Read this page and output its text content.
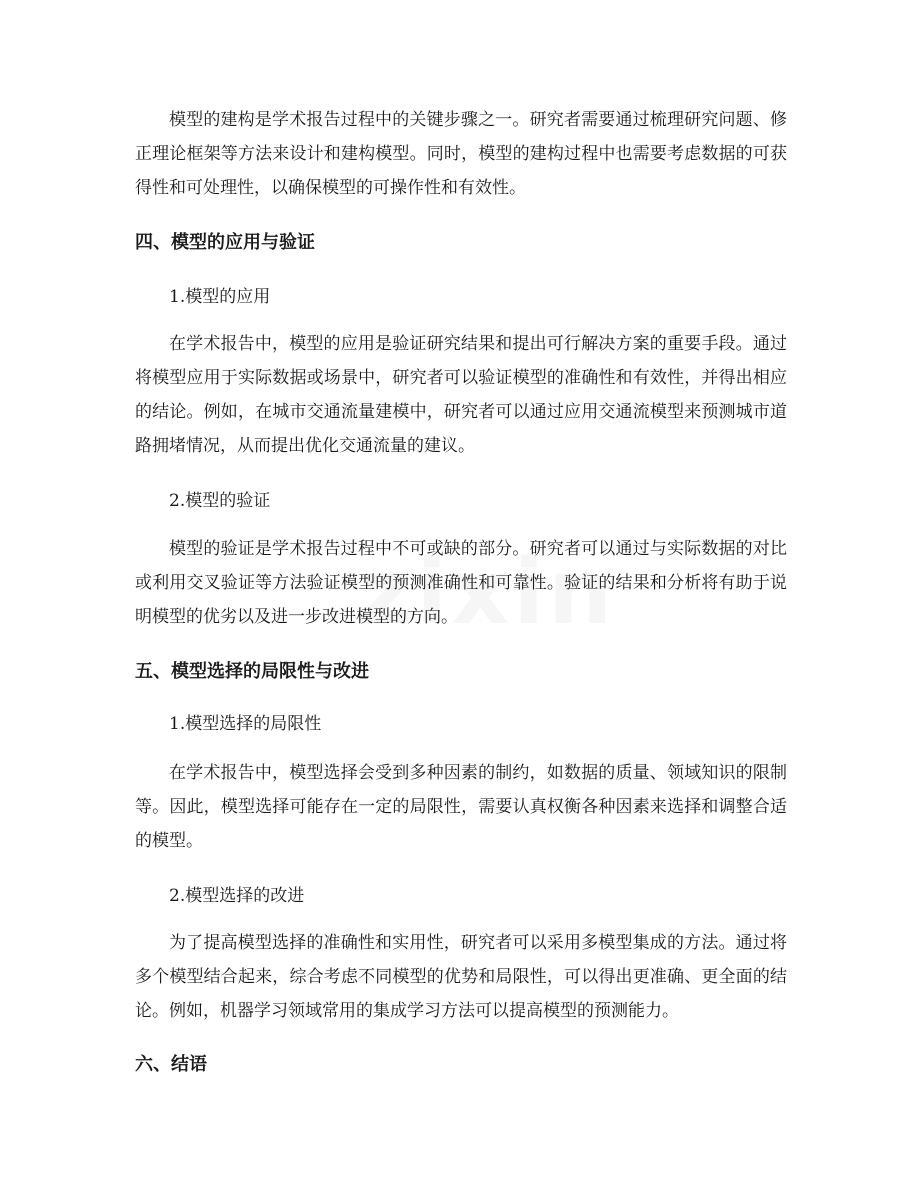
模型的建构是学术报告过程中的关键步骤之一。研究者需要通过梳理研究问题、修正理论框架等方法来设计和建构模型。同时，模型的建构过程中也需要考虑数据的可获得性和可处理性，以确保模型的可操作性和有效性。

四、模型的应用与验证

1.模型的应用

在学术报告中，模型的应用是验证研究结果和提出可行解决方案的重要手段。通过将模型应用于实际数据或场景中，研究者可以验证模型的准确性和有效性，并得出相应的结论。例如，在城市交通流量建模中，研究者可以通过应用交通流模型来预测城市道路拥堵情况，从而提出优化交通流量的建议。

2.模型的验证

模型的验证是学术报告过程中不可或缺的部分。研究者可以通过与实际数据的对比或利用交叉验证等方法验证模型的预测准确性和可靠性。验证的结果和分析将有助于说明模型的优劣以及进一步改进模型的方向。

五、模型选择的局限性与改进

1.模型选择的局限性

在学术报告中，模型选择会受到多种因素的制约，如数据的质量、领域知识的限制等。因此，模型选择可能存在一定的局限性，需要认真权衡各种因素来选择和调整合适的模型。

2.模型选择的改进

为了提高模型选择的准确性和实用性，研究者可以采用多模型集成的方法。通过将多个模型结合起来，综合考虑不同模型的优势和局限性，可以得出更准确、更全面的结论。例如，机器学习领域常用的集成学习方法可以提高模型的预测能力。

六、结语
